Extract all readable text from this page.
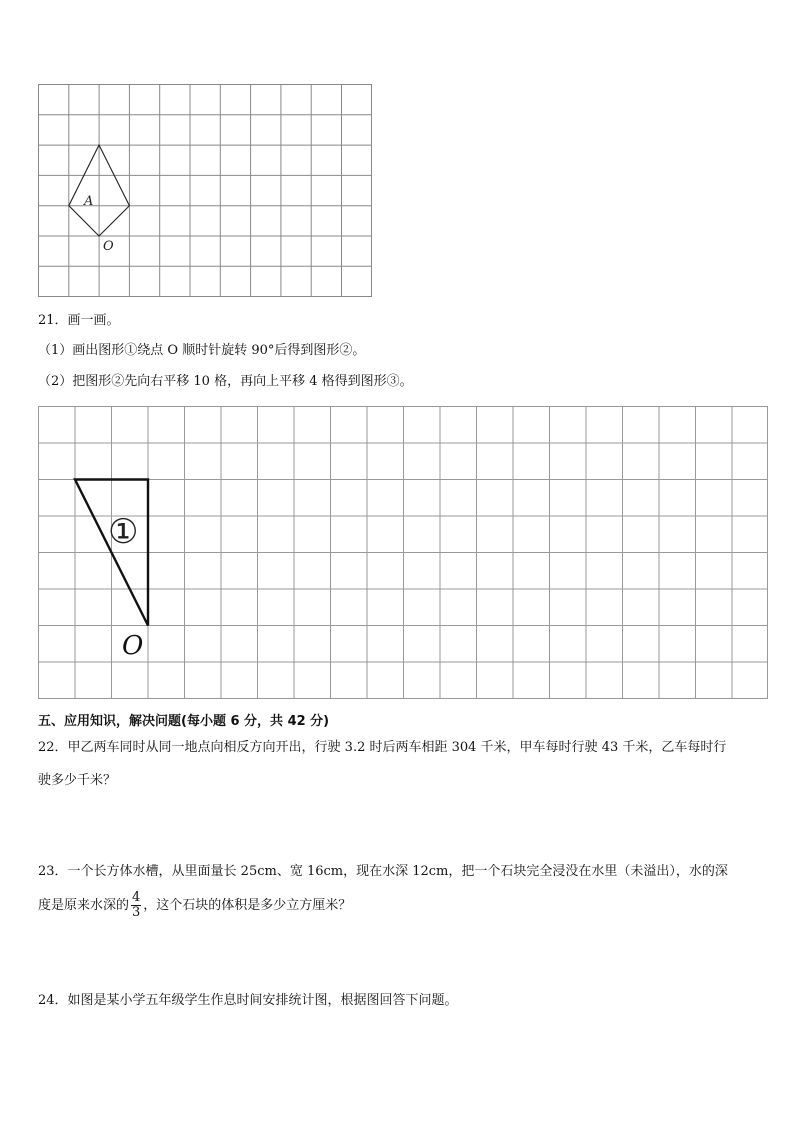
A
O
21．画一画。
（1）画出图形①绕点 O 顺时针旋转 90°后得到图形②。
（2）把图形②先向右平移 10 格，再向上平移 4 格得到图形③。
①
O
五、应用知识，解决问题(每小题 6 分，共 42 分)
22．甲乙两车同时从同一地点向相反方向开出，行驶 3.2 时后两车相距 304 千米，甲车每时行驶 43 千米，乙车每时行
驶多少千米？
23．一个长方体水槽，从里面量长 25cm、宽 16cm，现在水深 12cm，把一个石块完全浸没在水里（未溢出），水的深
度是原来水深的 $\frac{4}{3}$ ，这个石块的体积是多少立方厘米？
24．如图是某小学五年级学生作息时间安排统计图，根据图回答下问题。
